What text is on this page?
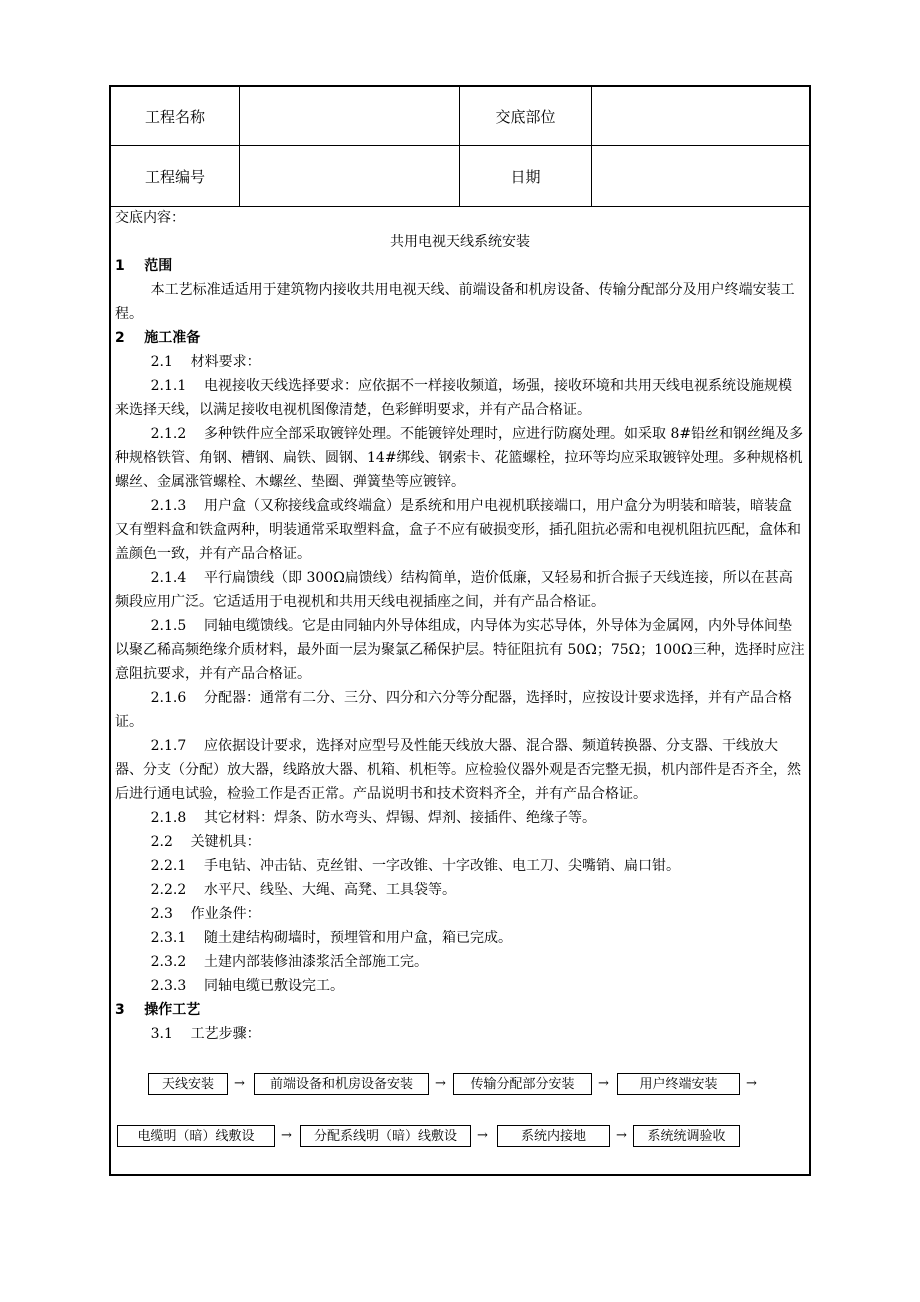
工程名称	交底部位
工程编号	日期
交底内容：
共用电视天线系统安装
1    范围
本工艺标准适适用于建筑物内接收共用电视天线、前端设备和机房设备、传输分配部分及用户终端安装工程。
2    施工准备
2.1    材料要求：
2.1.1    电视接收天线选择要求：应依据不一样接收频道，场强，接收环境和共用天线电视系统设施规模来选择天线，以满足接收电视机图像清楚，色彩鲜明要求，并有产品合格证。
2.1.2    多种铁件应全部采取镀锌处理。不能镀锌处理时，应进行防腐处理。如采取 8#铅丝和钢丝绳及多种规格铁管、角钢、槽钢、扁铁、圆钢、14#绑线、钢索卡、花篮螺栓，拉环等均应采取镀锌处理。多种规格机螺丝、金属涨管螺栓、木螺丝、垫圈、弹簧垫等应镀锌。
2.1.3    用户盒（又称接线盒或终端盒）是系统和用户电视机联接端口，用户盒分为明装和暗装，暗装盒又有塑料盒和铁盒两种，明装通常采取塑料盒，盒子不应有破损变形，插孔阻抗必需和电视机阻抗匹配，盒体和盖颜色一致，并有产品合格证。
2.1.4    平行扁馈线（即 300Ω扁馈线）结构简单，造价低廉，又轻易和折合振子天线连接，所以在甚高频段应用广泛。它适适用于电视机和共用天线电视插座之间，并有产品合格证。
2.1.5    同轴电缆馈线。它是由同轴内外导体组成，内导体为实芯导体，外导体为金属网，内外导体间垫以聚乙稀高频绝缘介质材料，最外面一层为聚氯乙稀保护层。特征阻抗有 50Ω；75Ω；100Ω三种，选择时应注意阻抗要求，并有产品合格证。
2.1.6    分配器：通常有二分、三分、四分和六分等分配器，选择时，应按设计要求选择，并有产品合格证。
2.1.7    应依据设计要求，选择对应型号及性能天线放大器、混合器、频道转换器、分支器、干线放大器、分支（分配）放大器，线路放大器、机箱、机柜等。应检验仪器外观是否完整无损，机内部件是否齐全，然后进行通电试验，检验工作是否正常。产品说明书和技术资料齐全，并有产品合格证。
2.1.8    其它材料：焊条、防水弯头、焊锡、焊剂、接插件、绝缘子等。
2.2    关键机具：
2.2.1    手电钻、冲击钻、克丝钳、一字改锥、十字改锥、电工刀、尖嘴销、扁口钳。
2.2.2    水平尺、线坠、大绳、高凳、工具袋等。
2.3    作业条件：
2.3.1    随土建结构砌墙时，预埋管和用户盒，箱已完成。
2.3.2    土建内部装修油漆浆活全部施工完。
2.3.3    同轴电缆已敷设完工。
3    操作工艺
3.1    工艺步骤：
天线安装	→	前端设备和机房设备安装	→	传输分配部分安装	→	用户终端安装	→
电缆明（暗）线敷设	→	分配系线明（暗）线敷设	→	系统内接地	→	系统统调验收
